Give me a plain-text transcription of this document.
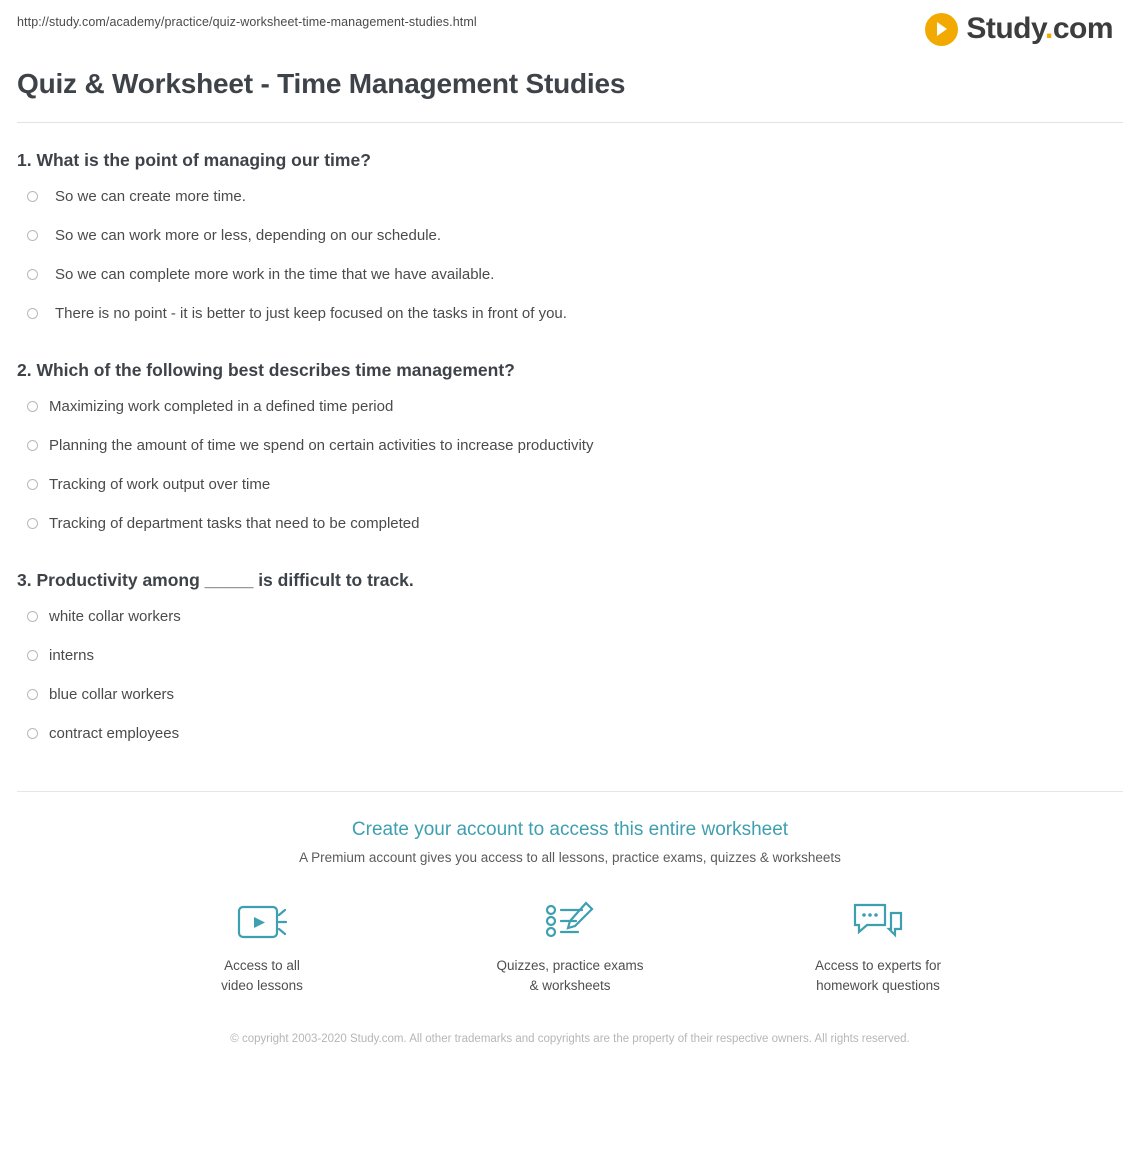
http://study.com/academy/practice/quiz-worksheet-time-management-studies.html	Study.com
Quiz & Worksheet - Time Management Studies
1. What is the point of managing our time?
So we can create more time.
So we can work more or less, depending on our schedule.
So we can complete more work in the time that we have available.
There is no point - it is better to just keep focused on the tasks in front of you.
2. Which of the following best describes time management?
Maximizing work completed in a defined time period
Planning the amount of time we spend on certain activities to increase productivity
Tracking of work output over time
Tracking of department tasks that need to be completed
3. Productivity among _____ is difficult to track.
white collar workers
interns
blue collar workers
contract employees
Create your account to access this entire worksheet
A Premium account gives you access to all lessons, practice exams, quizzes & worksheets
Access to all
video lessons
Quizzes, practice exams
& worksheets
Access to experts for
homework questions
© copyright 2003-2020 Study.com. All other trademarks and copyrights are the property of their respective owners. All rights reserved.
